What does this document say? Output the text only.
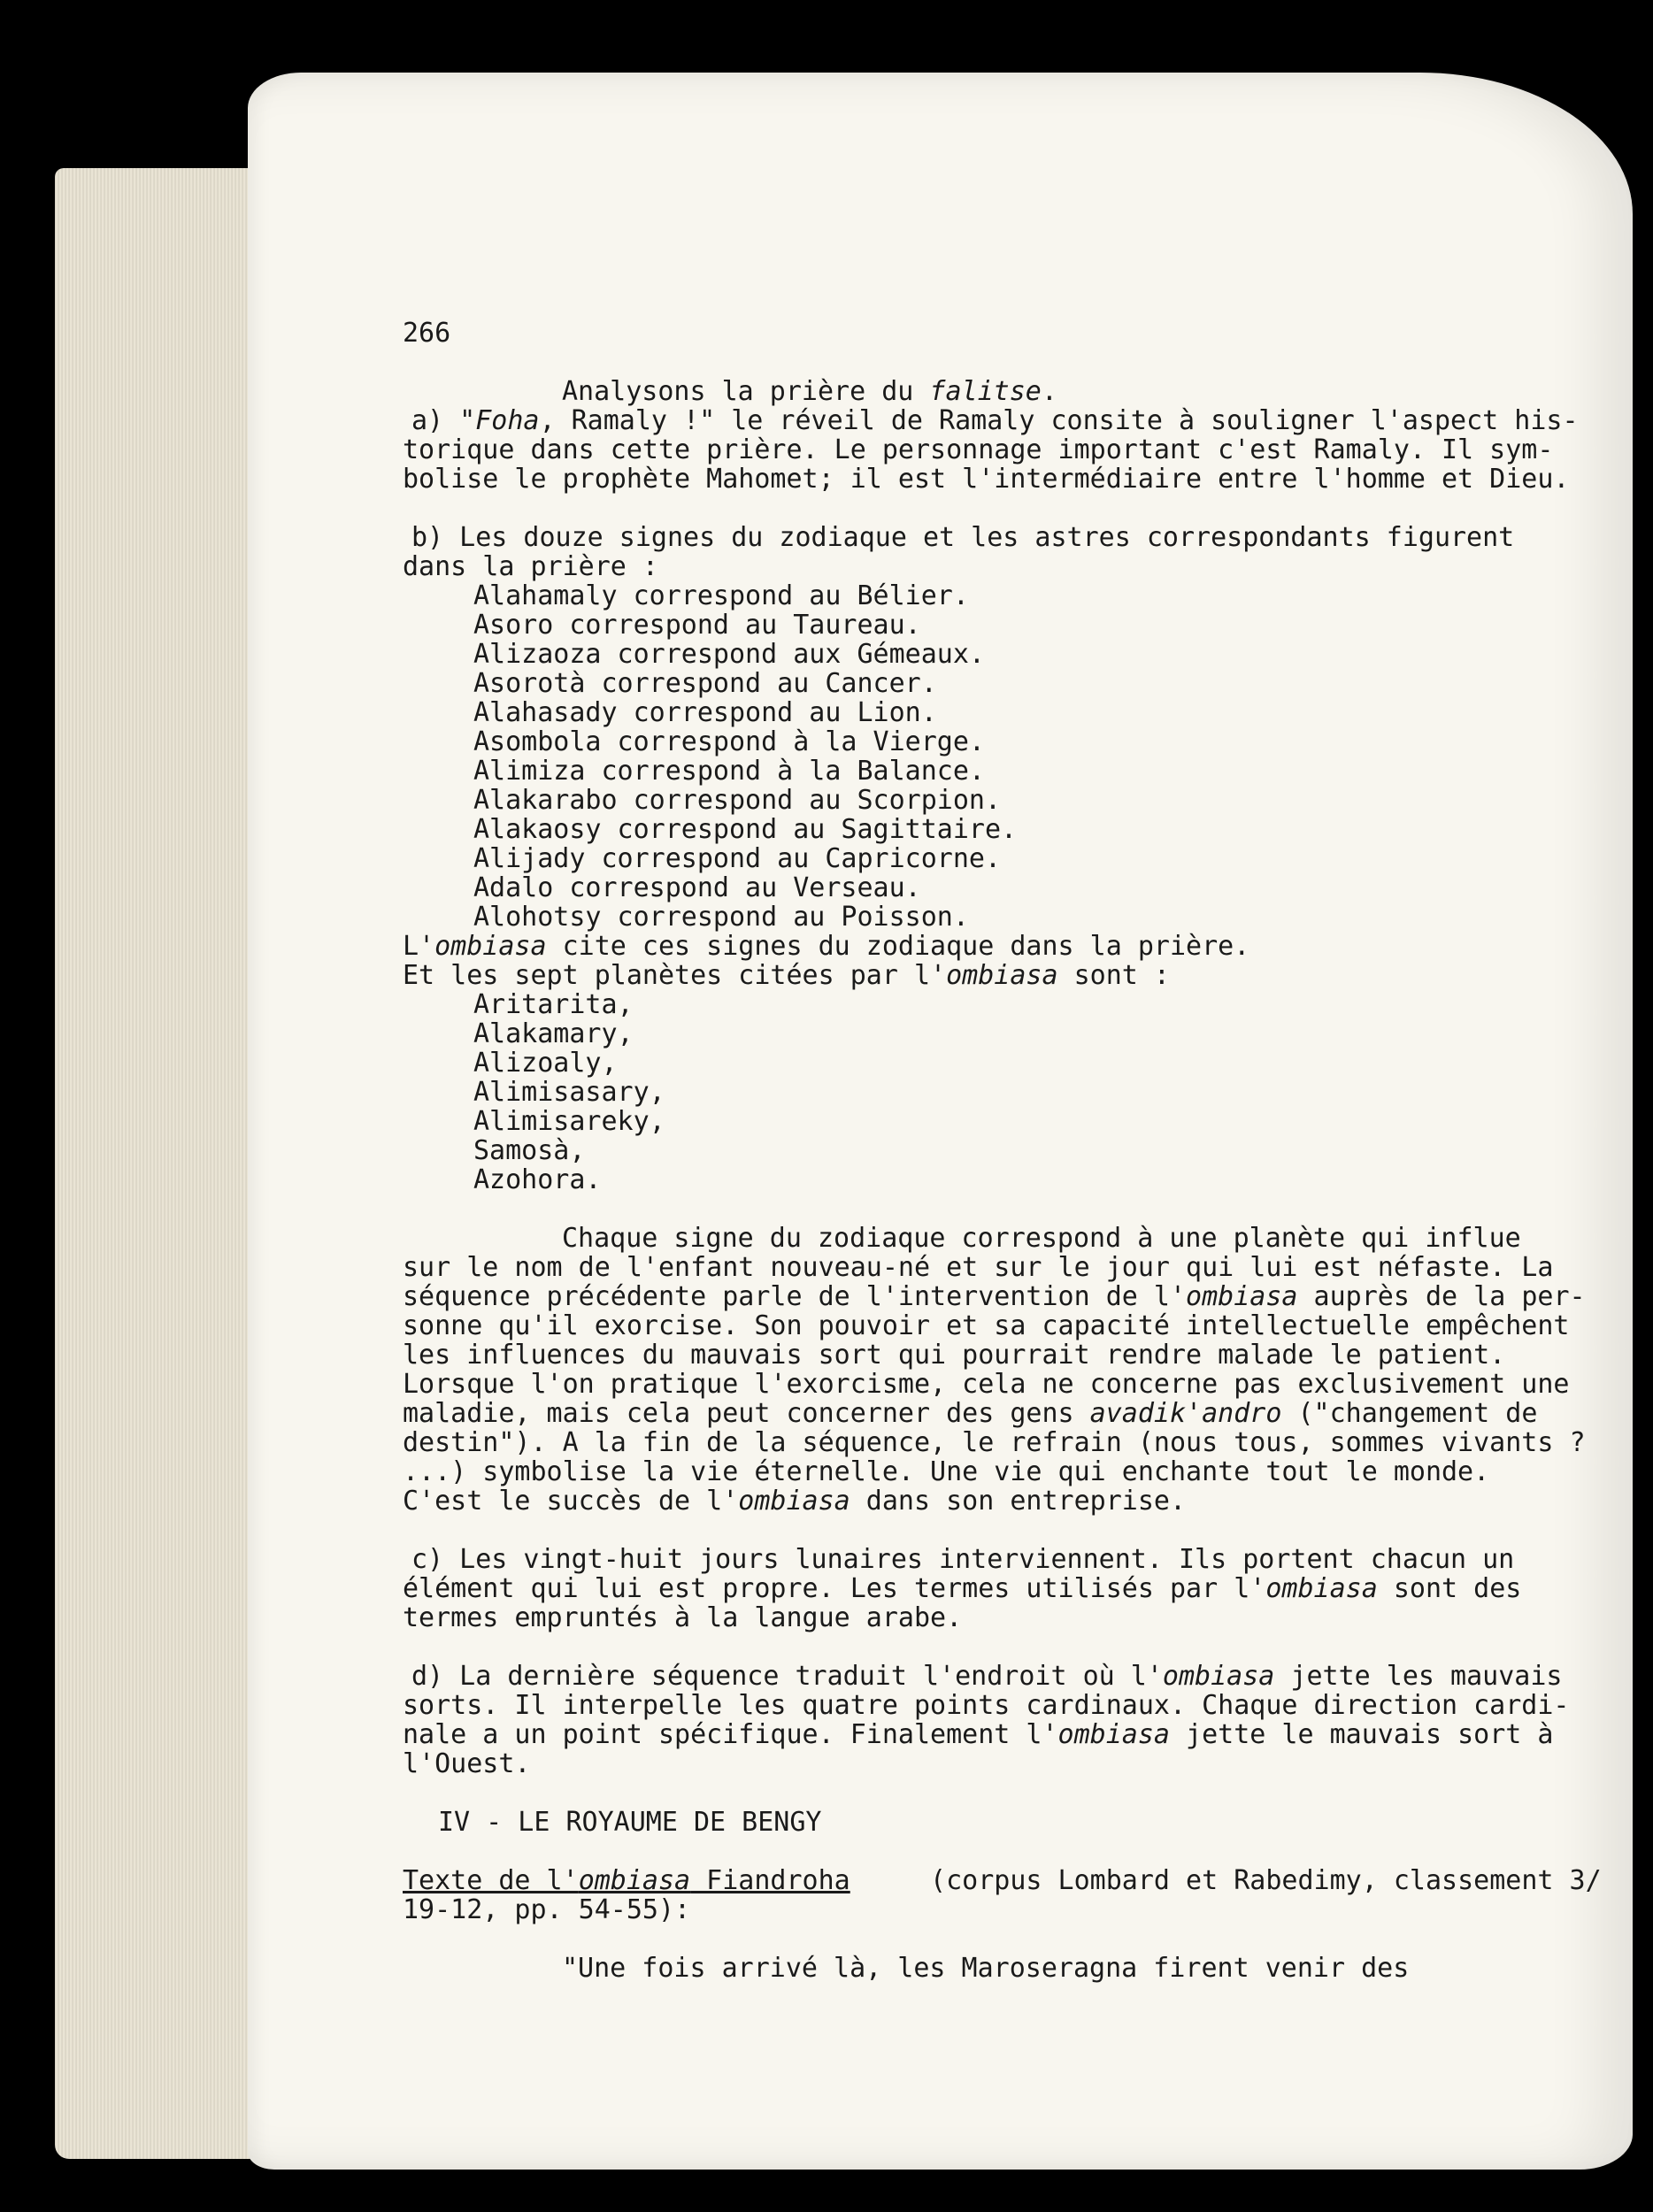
266
Analysons la prière du falitse.
a) "Foha, Ramaly !" le réveil de Ramaly consite à souligner l'aspect his-
torique dans cette prière. Le personnage important c'est Ramaly. Il sym-
bolise le prophète Mahomet; il est l'intermédiaire entre l'homme et Dieu.
b) Les douze signes du zodiaque et les astres correspondants figurent
dans la prière :
Alahamaly correspond au Bélier.
Asoro correspond au Taureau.
Alizaoza correspond aux Gémeaux.
Asorotà correspond au Cancer.
Alahasady correspond au Lion.
Asombola correspond à la Vierge.
Alimiza correspond à la Balance.
Alakarabo correspond au Scorpion.
Alakaosy correspond au Sagittaire.
Alijady correspond au Capricorne.
Adalo correspond au Verseau.
Alohotsy correspond au Poisson.
L'ombiasa cite ces signes du zodiaque dans la prière.
Et les sept planètes citées par l'ombiasa sont :
Aritarita,
Alakamary,
Alizoaly,
Alimisasary,
Alimisareky,
Samosà,
Azohora.
Chaque signe du zodiaque correspond à une planète qui influe
sur le nom de l'enfant nouveau-né et sur le jour qui lui est néfaste. La
séquence précédente parle de l'intervention de l'ombiasa auprès de la per-
sonne qu'il exorcise. Son pouvoir et sa capacité intellectuelle empêchent
les influences du mauvais sort qui pourrait rendre malade le patient.
Lorsque l'on pratique l'exorcisme, cela ne concerne pas exclusivement une
maladie, mais cela peut concerner des gens avadik'andro ("changement de
destin"). A la fin de la séquence, le refrain (nous tous, sommes vivants ?
...) symbolise la vie éternelle. Une vie qui enchante tout le monde.
C'est le succès de l'ombiasa dans son entreprise.
c) Les vingt-huit jours lunaires interviennent. Ils portent chacun un
élément qui lui est propre. Les termes utilisés par l'ombiasa sont des
termes empruntés à la langue arabe.
d) La dernière séquence traduit l'endroit où l'ombiasa jette les mauvais
sorts. Il interpelle les quatre points cardinaux. Chaque direction cardi-
nale a un point spécifique. Finalement l'ombiasa jette le mauvais sort à
l'Ouest.
IV - LE ROYAUME DE BENGY
Texte de l'ombiasa Fiandroha     (corpus Lombard et Rabedimy, classement 3/
19-12, pp. 54-55):
"Une fois arrivé là, les Maroseragna firent venir des
